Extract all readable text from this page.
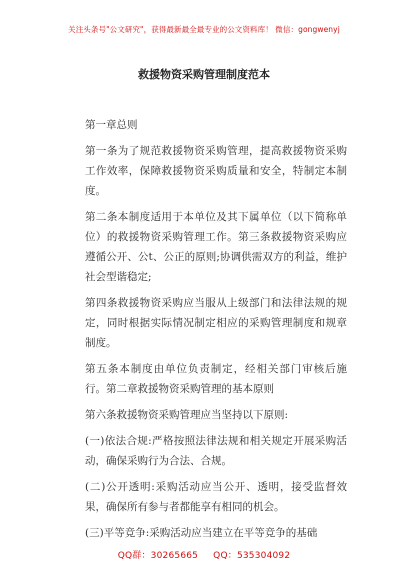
关注头条号"公文研究"，获得最新最全最专业的公文资料库！ 微信：gongwenyj
救援物资采购管理制度范本

第一章总则

第一条为了规范救援物资采购管理，提高救援物资采购工作效率，保障救援物资采购质量和安全，特制定本制度。

第二条本制度适用于本单位及其下属单位（以下简称单位）的救援物资采购管理工作。第三条救援物资采购应遵循公开、公t、公正的原则;协调供需双方的利益，维护社会型谐稳定;

第四条救援物资采购应当服从上级部门和法律法规的规定，同时根据实际情况制定相应的采购管理制度和规章制度。

第五条本制度由单位负责制定，经相关部门审核后施行。第二章救援物资采购管理的基本原则

第六条救援物资采购管理应当坚持以下原则:

(一)依法合规:严格按照法律法规和相关规定开展采购活动，确保采购行为合法、合规。

(二)公开透明:采购活动应当公开、透明，接受监督效果，确保所有参与者都能享有相同的机会。

(三)平等竞争:采购活动应当建立在平等竞争的基础

QQ群：30265665 QQ：535304092
